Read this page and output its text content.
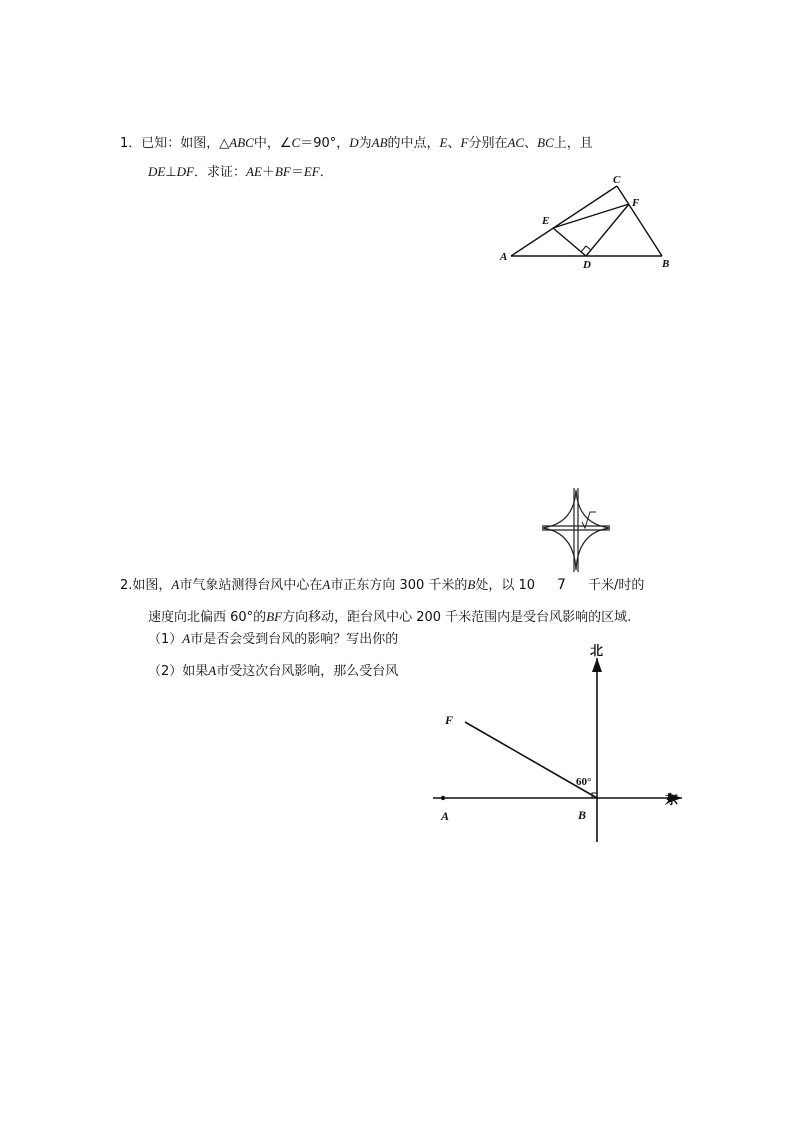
1．已知：如图，△ABC中，∠C＝90°，D为AB的中点，E、F分别在AC、BC上，且
DE⊥DF．求证：AE＋BF＝EF．
A
B
C
D
E
F
2.如图，A市气象站测得台风中心在A市正东方向 300 千米的B处，以 10 7 千米/时的
速度向北偏西 60°的BF方向移动，距台风中心 200 千米范围内是受台风影响的区域.
（1）A市是否会受到台风的影响？写出你的
（2）如果A市受这次台风影响，那么受台风
北
东
F
A	B
60°
